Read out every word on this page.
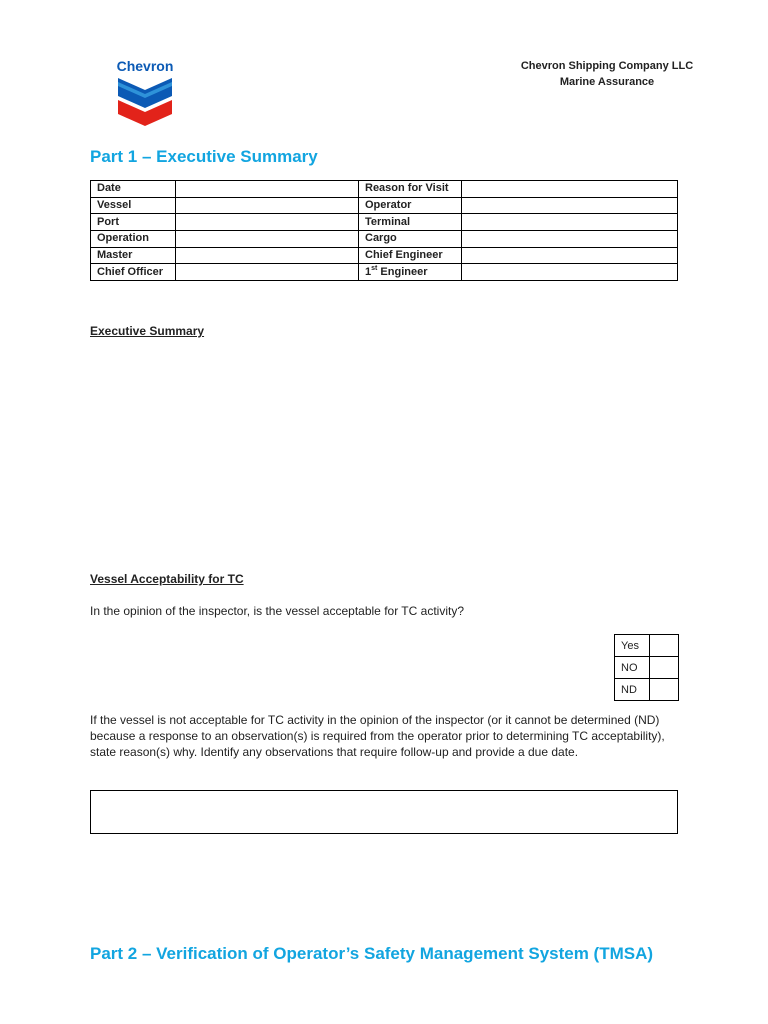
Chevron	Chevron Shipping Company LLC
Marine Assurance
Part 1 – Executive Summary
Date		Reason for Visit	
Vessel		Operator	
Port		Terminal	
Operation		Cargo	
Master		Chief Engineer	
Chief Officer		1st Engineer	
Executive Summary
Vessel Acceptability for TC
In the opinion of the inspector, is the vessel acceptable for TC activity?
Yes	
NO	
ND	
If the vessel is not acceptable for TC activity in the opinion of the inspector (or it cannot be determined (ND) because a response to an observation(s) is required from the operator prior to determining TC acceptability), state reason(s) why. Identify any observations that require follow-up and provide a due date.
Part 2 – Verification of Operator’s Safety Management System (TMSA)
